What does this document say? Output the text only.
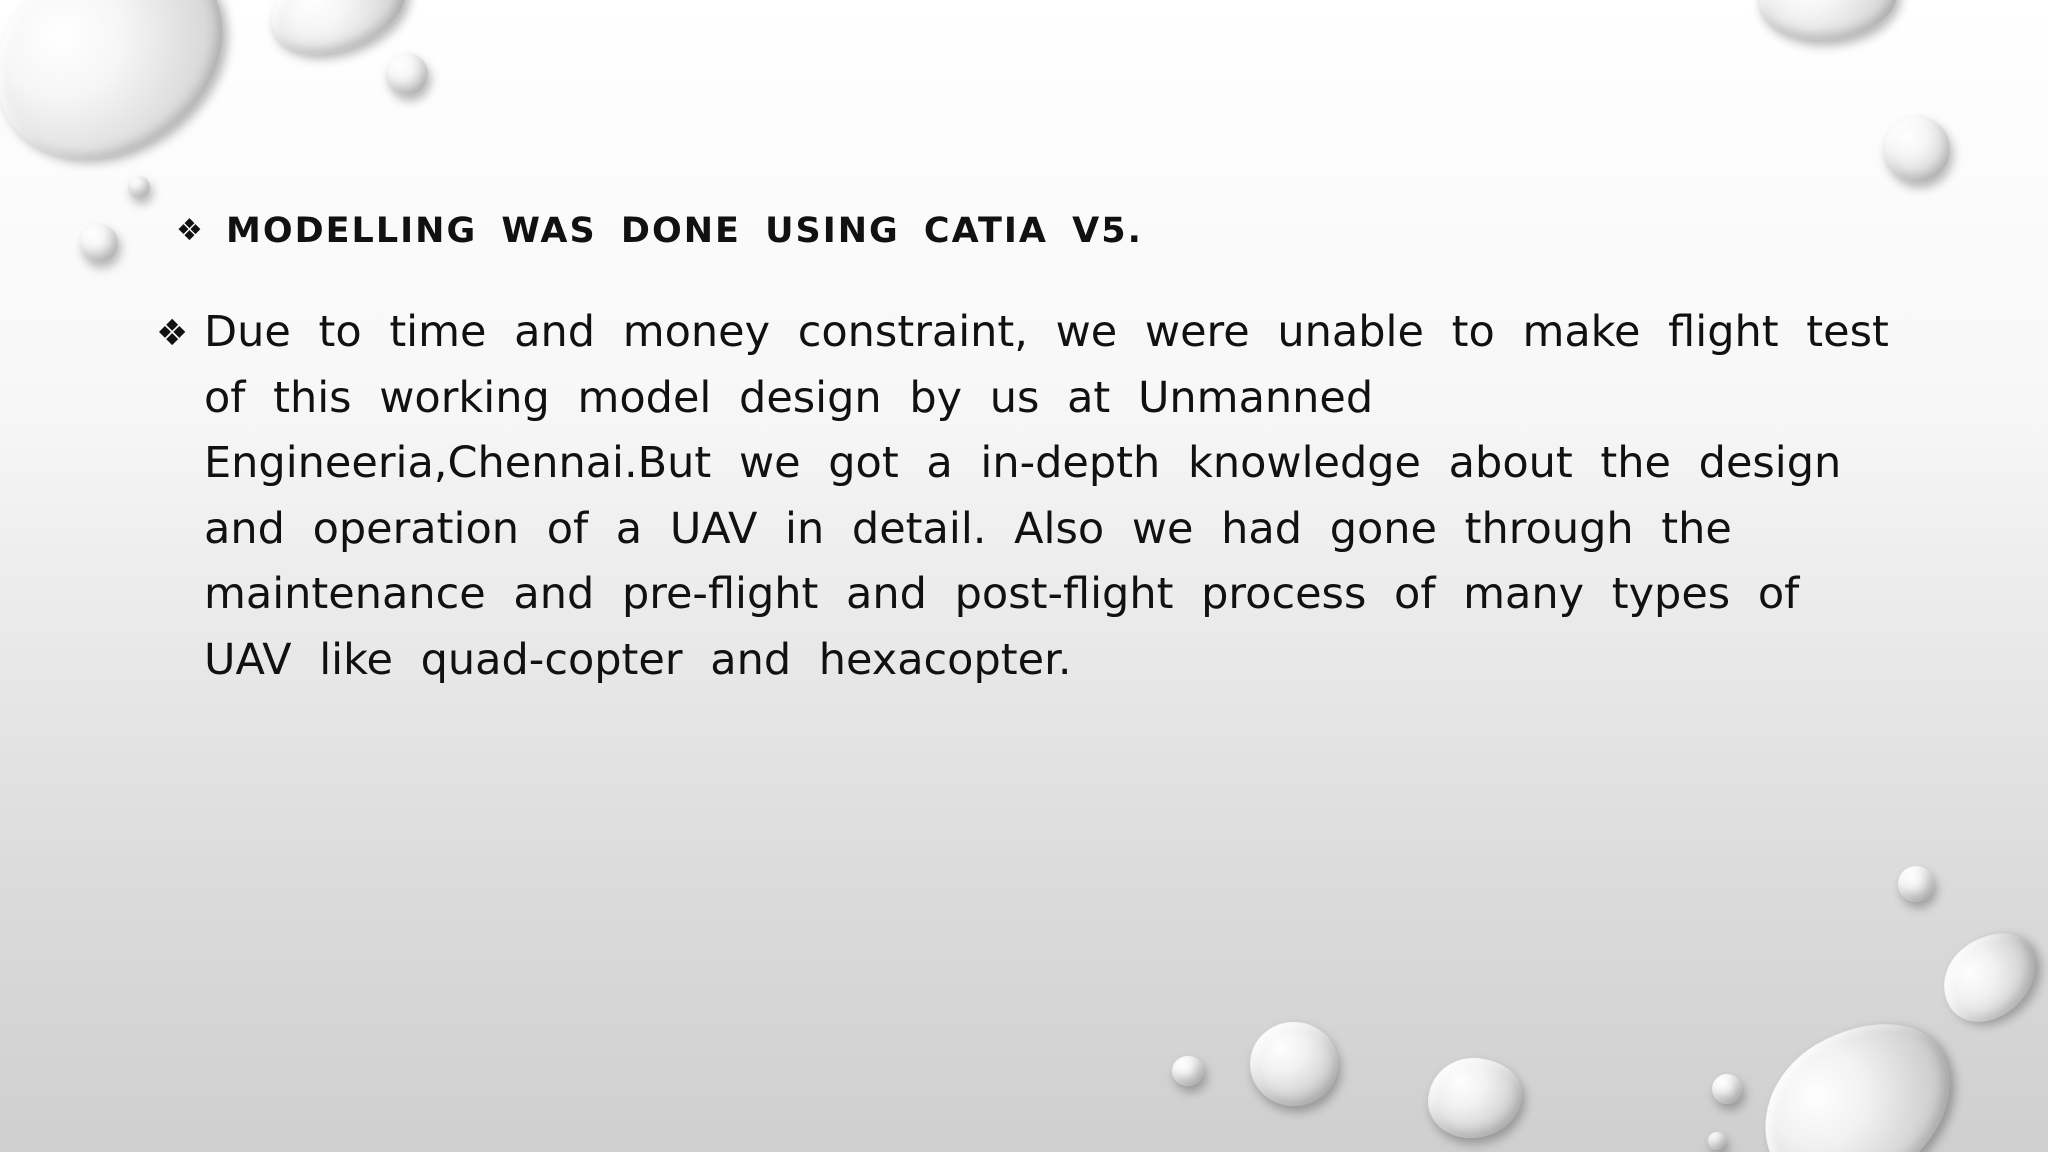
❖ MODELLING WAS DONE USING CATIA V5.
❖ Due to time and money constraint, we were unable to make flight test
of this working model design by us at Unmanned
Engineeria,Chennai.But we got a in-depth knowledge about the design
and operation of a UAV in detail. Also we had gone through the
maintenance and pre-flight and post-flight process of many types of
UAV like quad-copter and hexacopter.
